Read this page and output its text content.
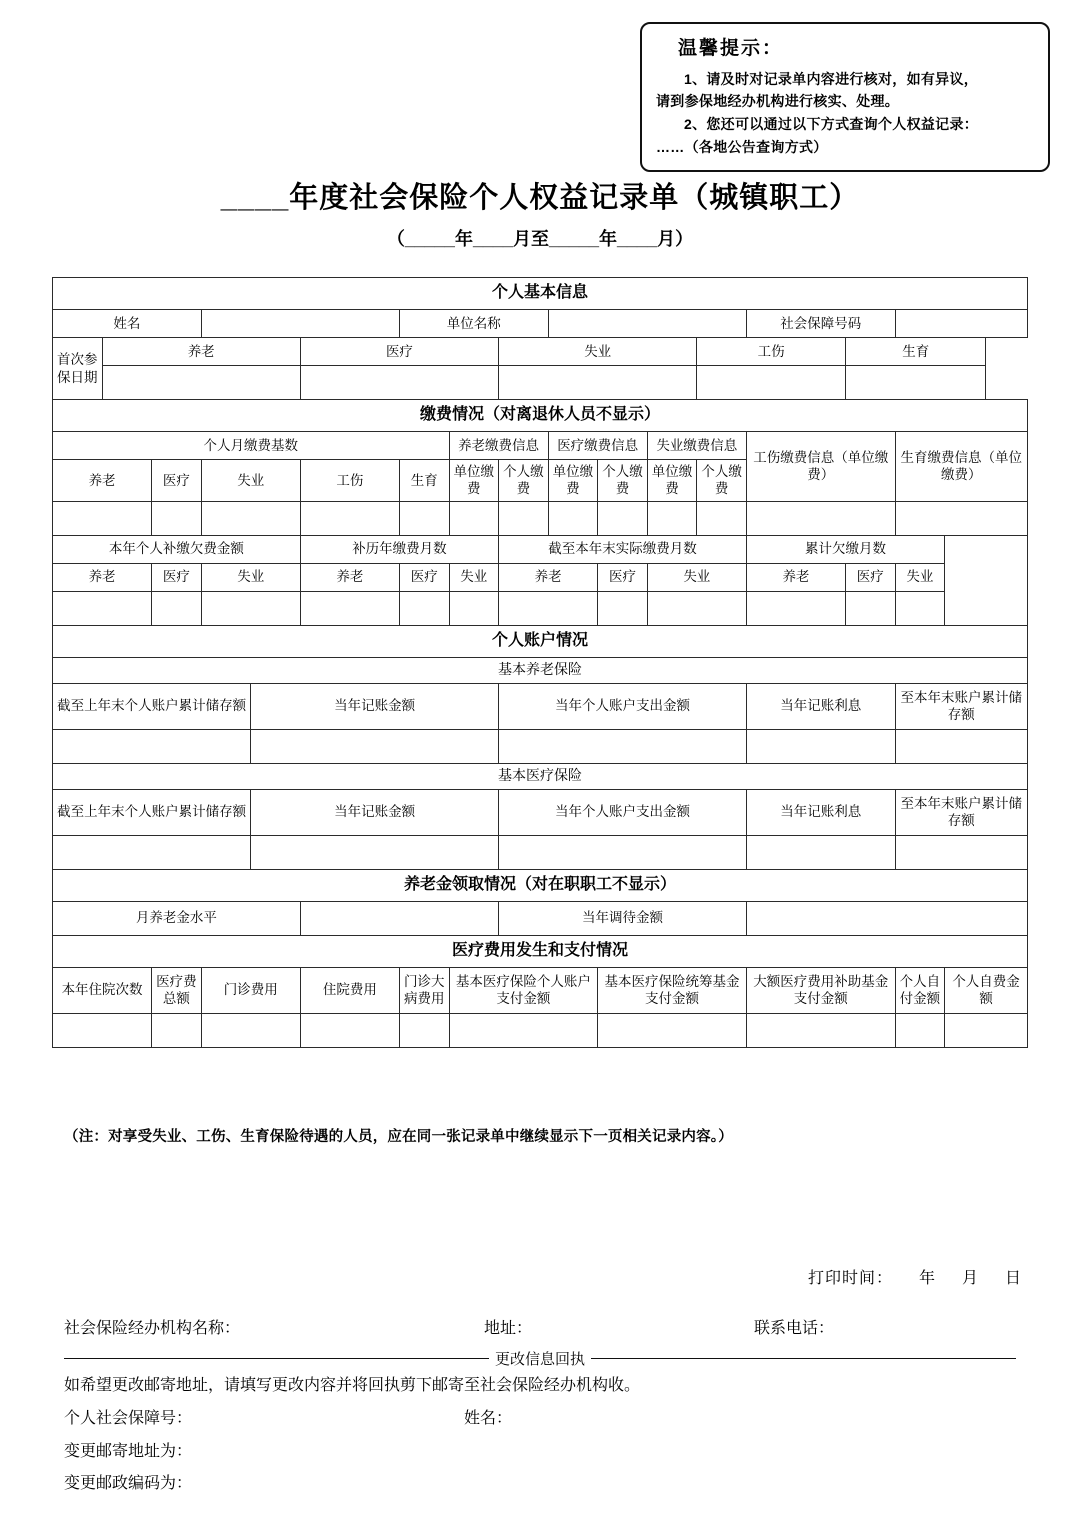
温馨提示：
1、请及时对记录单内容进行核对，如有异议，
请到参保地经办机构进行核实、处理。
2、您还可以通过以下方式查询个人权益记录：
……（各地公告查询方式）
____年度社会保险个人权益记录单（城镇职工）
（_____年____月至_____年____月）
个人基本信息																	
姓名						单位名称							社会保障号码				
首次参保日期	养老				医疗			失业				工伤		生育			

缴费情况（对离退休人员不显示）																	
个人月缴费基数							养老缴费信息		医疗缴费信息		失业缴费信息		工伤缴费信息（单位缴费）		生育缴费信息（单位缴费）		
养老		医疗	失业		工伤	生育	单位缴费	个人缴费	单位缴费	个人缴费	单位缴费	个人缴费					

本年个人补缴欠费金额					补历年缴费月数			截至本年末实际缴费月数					累计欠缴月数				
养老		医疗	失业		养老	医疗	失业	养老		医疗	失业		养老	医疗	失业		

个人账户情况																	
基本养老保险																	
截至上年末个人账户累计储存额				当年记账金额				当年个人账户支出金额					当年记账利息		至本年末账户累计储存额		

基本医疗保险																	
截至上年末个人账户累计储存额				当年记账金额				当年个人账户支出金额					当年记账利息		至本年末账户累计储存额		

养老金领取情况（对在职职工不显示）																	
月养老金水平								当年调待金额									
医疗费用发生和支付情况																	
本年住院次数		医疗费总额	门诊费用		住院费用	门诊大病费用	基本医疗保险个人账户支付金额			基本医疗保险统筹基金支付金额			大额医疗费用补助基金支付金额		个人自付金额	个人自费金额	

（注：对享受失业、工伤、生育保险待遇的人员，应在同一张记录单中继续显示下一页相关记录内容。）
打印时间： 年 月 日
社会保险经办机构名称：	地址：	联系电话：
更改信息回执
如希望更改邮寄地址，请填写更改内容并将回执剪下邮寄至社会保险经办机构收。
个人社会保障号：	姓名：
变更邮寄地址为：
变更邮政编码为：
